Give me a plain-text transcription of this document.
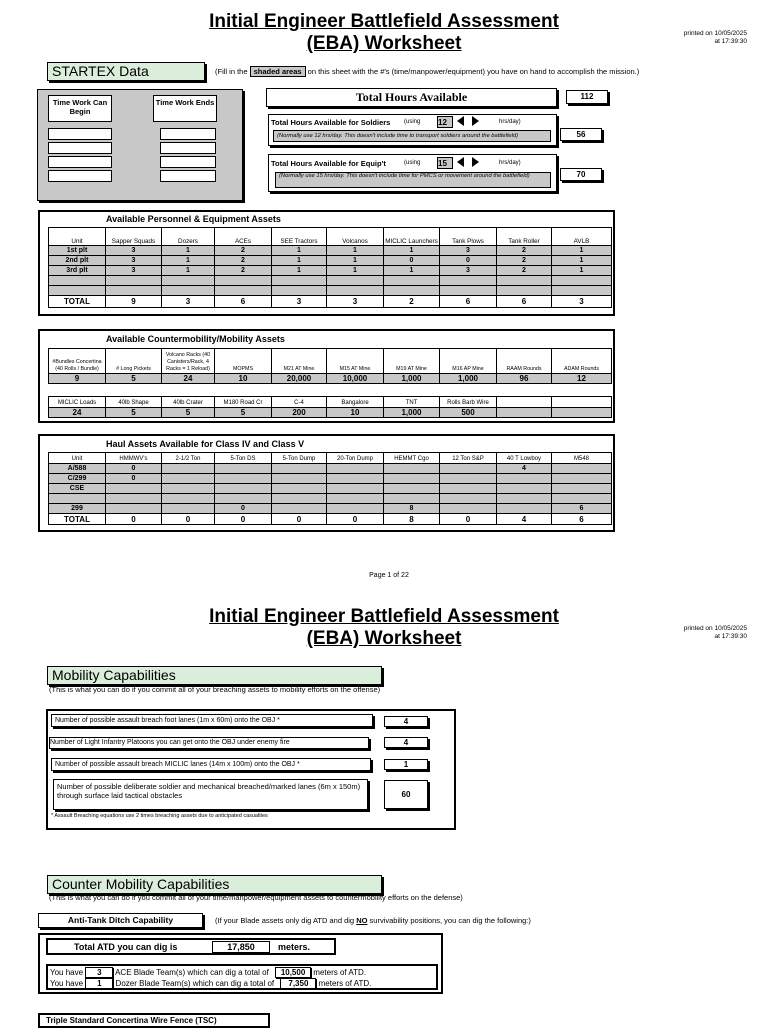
Initial Engineer Battlefield Assessment
(EBA) Worksheet	printed on 10/05/2025
at 17:39:30
STARTEX Data	(Fill in the shaded areas on this sheet with the #'s (time/manpower/equipment) you have on hand to accomplish the mission.)
Time Work Can Begin
Time Work Ends	Total Hours Available	112
Total Hours Available for Soldiers (using 12
	hrs/day)
(Normally use 12 hrs/day. This doesn't include time to transport soldiers around the battlefield)	56
Total Hours Available for Equip't	(using 15
	hrs/day)
(Normally use 15 hrs/day. This doesn't include time for PMCS or movement around the battlefield)	70
Available Personnel & Equipment Assets
Unit	Sapper Squads	Dozers	ACEs	SEE Tractors	Volcanos	MICLIC Launchers	Tank Plows	Tank Roller	AVLB
1st plt	3	1	2	1	1	1	3	2	1
2nd plt	3	1	2	1	1	0	0	2	1
3rd plt	3	1	2	1	1	1	3	2	1

TOTAL	9	3	6	3	3	2	6	6	3
Available Countermobility/Mobility Assets
#Bundles Concertina (40 Rolls / Bundle)	# Long Pickets	Volcano Racks (40 Canisters/Rack, 4 Racks = 1 Reload)	MOPMS	M21 AT Mine	M15 AT Mine	M19 AT Mine	M16 AP Mine	RAAM Rounds	ADAM Rounds
9	5	24	10	20,000	10,000	1,000	1,000	96	12
MICLIC Loads	40lb Shape	40lb Crater	M180 Road Cr	C-4	Bangalore	TNT	Rolls Barb Wire		
24	5	5	5	200	10	1,000	500		
Haul Assets Available for Class IV and Class V
Unit	HMMWV's	2-1/2 Ton	5-Ton DS	5-Ton Dump	20-Ton Dump	HEMMT Cgo	12 Ton S&P	40 T Lowboy	M548
A/588	0							4	
C/299	0								
CSE									

299			0			8			6
TOTAL	0	0	0	0	0	8	0	4	6
Page 1 of 22
Initial Engineer Battlefield Assessment
(EBA) Worksheet	printed on 10/05/2025
at 17:39:30
Mobility Capabilities
(This is what you can do if you commit all of your breaching assets to mobility efforts on the offense)
Number of possible assault breach foot lanes (1m x 60m) onto the OBJ *	4
Number of Light Infantry Platoons you can get onto the OBJ under enemy fire	4
Number of possible assault breach MICLIC lanes (14m x 100m) onto the OBJ *	1
Number of possible deliberate soldier and mechanical breached/marked lanes (6m x 150m) through surface laid tactical obstacles	60
* Assault Breaching equations use 2 times breaching assets due to anticipated casualties
Counter Mobility Capabilities
(This is what you can do if you commit all of your time/manpower/equipment assets to countermobility efforts on the defense)
Anti-Tank Ditch Capability	(If your Blade assets only dig ATD and dig NO survivability positions, you can dig the following:)
Total ATD you can dig is	17,850	meters.
You have 3 ACE Blade Team(s) which can dig a total of 10,500 meters of ATD.
You have 1 Dozer Blade Team(s) which can dig a total of 7,350 meters of ATD.
Triple Standard Concertina Wire Fence (TSC)
